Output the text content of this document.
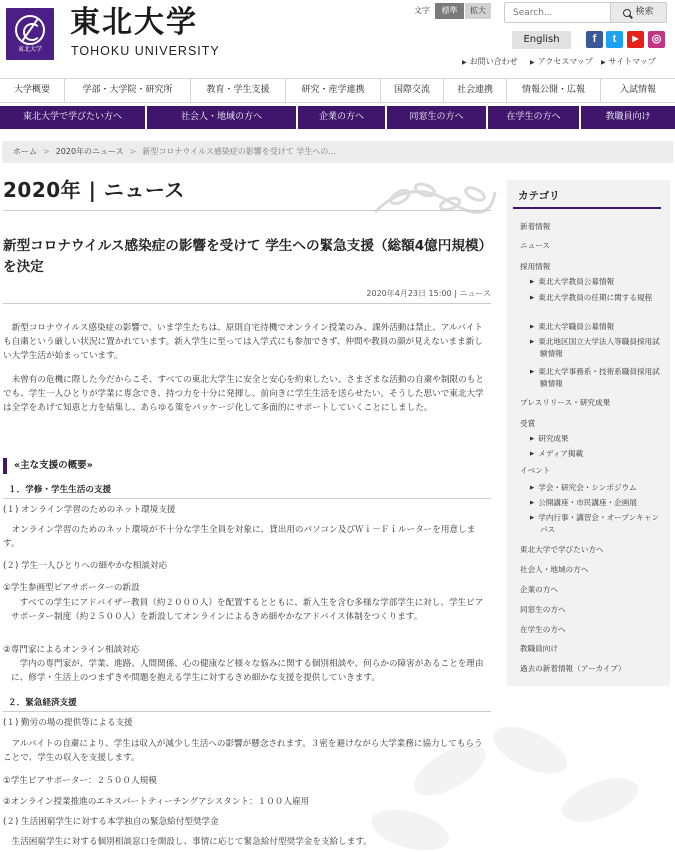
東北大学
東北大学
TOHOKU UNIVERSITY
文字	標準	拡大
Search...	検索
English	f	t	▶	◎
▶ お問い合わせ ▶ アクセスマップ ▶ サイトマップ
大学概要	学部・大学院・研究所	教育・学生支援	研究・産学連携	国際交流	社会連携	情報公開・広報	入試情報
東北大学で学びたい方へ	社会人・地域の方へ	企業の方へ	同窓生の方へ	在学生の方へ	教職員向け
ホーム > 2020年のニュース > 新型コロナウイルス感染症の影響を受けて 学生への...
2020年 | ニュース
新型コロナウイルス感染症の影響を受けて 学生への緊急支援（総額4億円規模）を決定
2020年4月23日 15:00 | ニュース
　新型コロナウイルス感染症の影響で、いま学生たちは、原則自宅待機でオンライン授業のみ、課外活動は禁止、アルバイトも自粛という厳しい状況に置かれています。新入学生に至っては入学式にも参加できず、仲間や教員の顔が見えないまま新しい大学生活が始まっています。
　未曾有の危機に際した今だからこそ、すべての東北大学生に安全と安心を約束したい。さまざまな活動の自粛や制限のもとでも、学生一人ひとりが学業に専念でき、持つ力を十分に発揮し、前向きに学生生活を送らせたい。そうした思いで東北大学は全学をあげて知恵と力を結集し、あらゆる策をパッケージ化して多面的にサポートしていくことにしました。
«主な支援の概要»
１．学修・学生生活の支援
(１) オンライン学習のためのネット環境支援
　オンライン学習のためのネット環境が不十分な学生全員を対象に、貸出用のパソコン及びＷｉ－Ｆｉルーターを用意します。
(２) 学生一人ひとりへの細やかな相談対応
①学生参画型ピアサポーターの新設
　すべての学生にアドバイザー教員（約２０００人）を配置するとともに、新入生を含む多様な学部学生に対し、学生ピアサポーター制度（約２５００人）を新設してオンラインによるきめ細やかなアドバイス体制をつくります。
②専門家によるオンライン相談対応
　学内の専門家が、学業、進路、人間関係、心の健康など様々な悩みに関する個別相談や、何らかの障害があることを理由に、修学・生活上のつまずきや問題を抱える学生に対するきめ細かな支援を提供していきます。
２．緊急経済支援
(１) 勤労の場の提供等による支援
　アルバイトの自粛により、学生は収入が減少し生活への影響が懸念されます。３密を避けながら大学業務に協力してもらうことで、学生の収入を支援します。
①学生ピアサポーター：２５００人規模
②オンライン授業推進のエキスパートティーチングアシスタント：１００人雇用
(２) 生活困窮学生に対する本学独自の緊急給付型奨学金
　生活困窮学生に対する個別相談窓口を開設し、事情に応じて緊急給付型奨学金を支給します。
カテゴリ
新着情報
ニュース
採用情報
▶ 東北大学教員公募情報
▶ 東北大学教員の任期に関する規程
▶ 東北大学職員公募情報
▶ 東北地区国立大学法人等職員採用試験情報
▶ 東北大学事務系・技術系職員採用試験情報
プレスリリース・研究成果
受賞
▶ 研究成果
▶ メディア掲載
イベント
▶ 学会・研究会・シンポジウム
▶ 公開講座・市民講座・企画展
▶ 学内行事・講習会・オープンキャンパス
東北大学で学びたい方へ
社会人・地域の方へ
企業の方へ
同窓生の方へ
在学生の方へ
教職員向け
過去の新着情報（アーカイブ）
